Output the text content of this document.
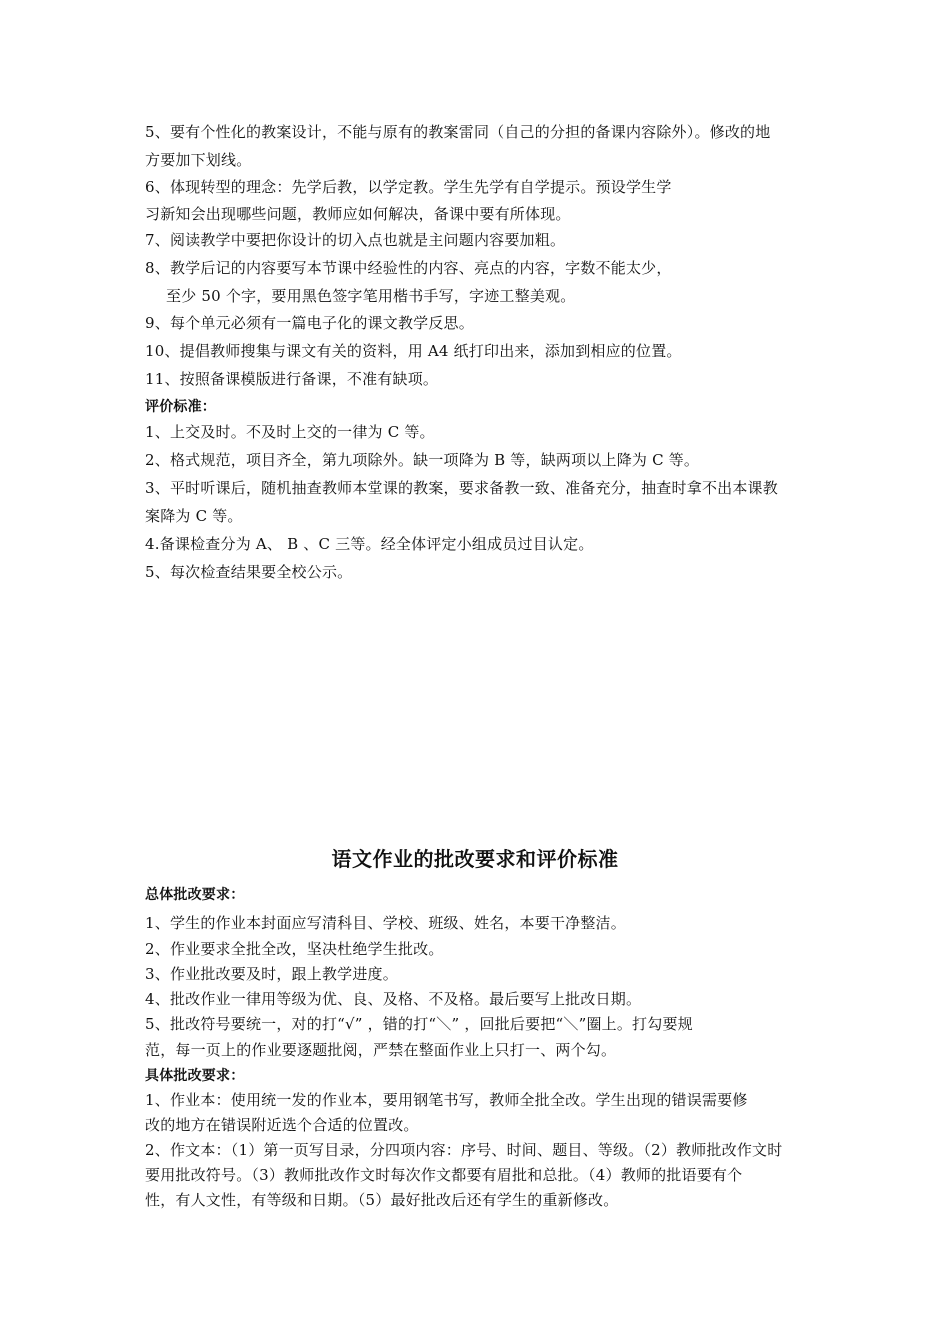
5、要有个性化的教案设计，不能与原有的教案雷同（自己的分担的备课内容除外）。修改的地
方要加下划线。
6、体现转型的理念：先学后教，以学定教。学生先学有自学提示。预设学生学
习新知会出现哪些问题，教师应如何解决，备课中要有所体现。
7、阅读教学中要把你设计的切入点也就是主问题内容要加粗。
8、教学后记的内容要写本节课中经验性的内容、亮点的内容，字数不能太少，
至少 50 个字，要用黑色签字笔用楷书手写，字迹工整美观。
9、每个单元必须有一篇电子化的课文教学反思。
10、提倡教师搜集与课文有关的资料，用 A4 纸打印出来，添加到相应的位置。
11、按照备课模版进行备课，不准有缺项。
评价标准：
1、上交及时。不及时上交的一律为 C 等。
2、格式规范，项目齐全，第九项除外。缺一项降为 B 等，缺两项以上降为 C 等。
3、平时听课后，随机抽查教师本堂课的教案，要求备教一致、准备充分，抽查时拿不出本课教
案降为 C 等。
4.备课检查分为 A、 B 、C 三等。经全体评定小组成员过目认定。
5、每次检查结果要全校公示。
语文作业的批改要求和评价标准
总体批改要求：
1、学生的作业本封面应写清科目、学校、班级、姓名，本要干净整洁。
2、作业要求全批全改，坚决杜绝学生批改。
3、作业批改要及时，跟上教学进度。
4、批改作业一律用等级为优、良、及格、不及格。最后要写上批改日期。
5、批改符号要统一，对的打“√” ，错的打“＼” ，回批后要把“＼”圈上。打勾要规
范，每一页上的作业要逐题批阅，严禁在整面作业上只打一、两个勾。
具体批改要求：
1、作业本：使用统一发的作业本，要用钢笔书写，教师全批全改。学生出现的错误需要修
改的地方在错误附近选个合适的位置改。
2、作文本：（1）第一页写目录，分四项内容：序号、时间、题目、等级。（2）教师批改作文时
要用批改符号。（3）教师批改作文时每次作文都要有眉批和总批。（4）教师的批语要有个
性，有人文性，有等级和日期。（5）最好批改后还有学生的重新修改。
